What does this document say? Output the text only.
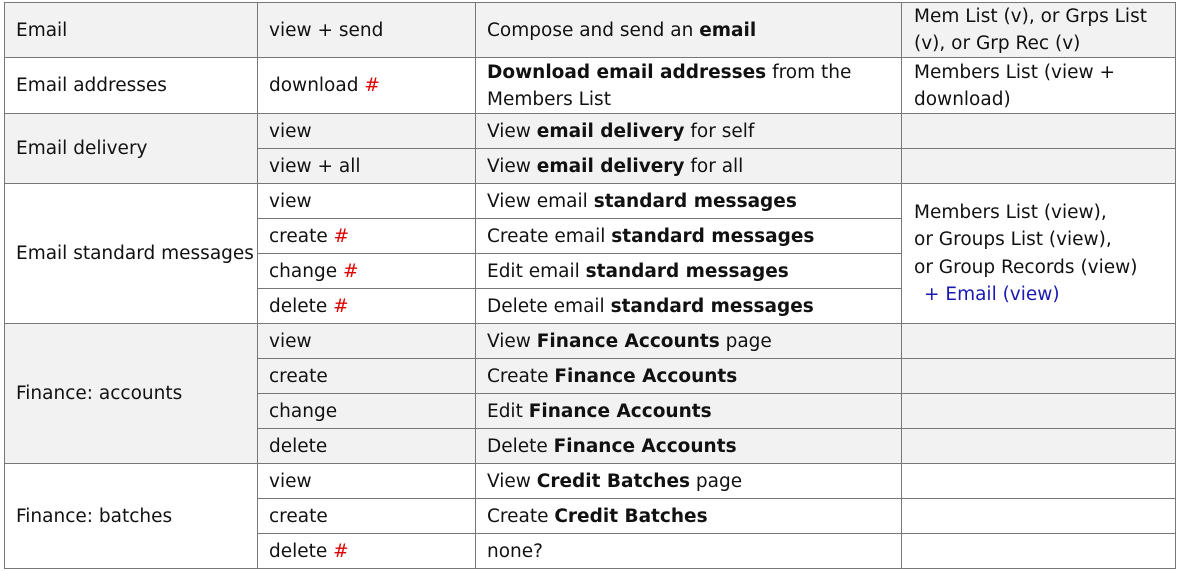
Email	view + send	Compose and send an email	Mem List (v), or Grps List (v), or Grp Rec (v)
Email addresses	download #	Download email addresses from the Members List	Members List (view + download)
Email delivery	view	View email delivery for self	
	view + all	View email delivery for all	
Email standard messages	view	View email standard messages	Members List (view),
or Groups List (view),
or Group Records (view)
+ Email (view)

	create #	Create email standard messages	
	change #	Edit email standard messages	
	delete #	Delete email standard messages	
Finance: accounts	view	View Finance Accounts page	
	create	Create Finance Accounts	
	change	Edit Finance Accounts	
	delete	Delete Finance Accounts	
Finance: batches	view	View Credit Batches page	
	create	Create Credit Batches	
	delete #	none?	
